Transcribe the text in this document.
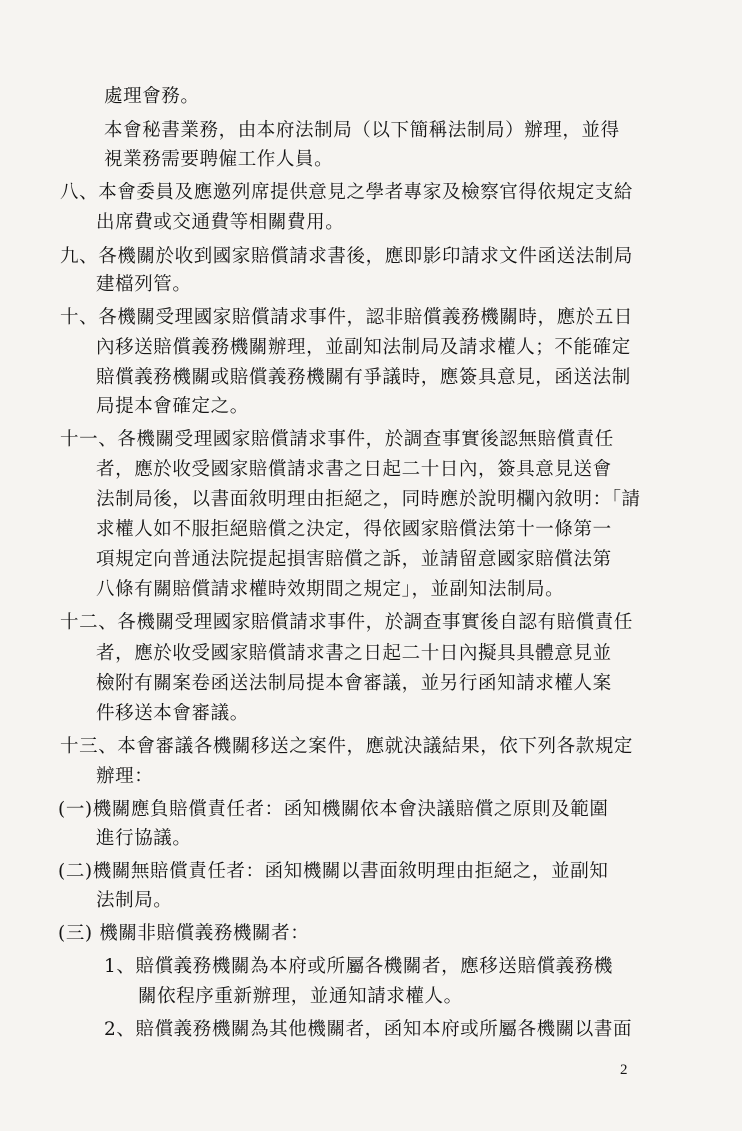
處理會務。

本會秘書業務，由本府法制局（以下簡稱法制局）辦理，並得

視業務需要聘僱工作人員。

八、本會委員及應邀列席提供意見之學者專家及檢察官得依規定支給

出席費或交通費等相關費用。

九、各機關於收到國家賠償請求書後，應即影印請求文件函送法制局

建檔列管。

十、各機關受理國家賠償請求事件，認非賠償義務機關時，應於五日

內移送賠償義務機關辦理，並副知法制局及請求權人；不能確定

賠償義務機關或賠償義務機關有爭議時，應簽具意見，函送法制

局提本會確定之。

十一、各機關受理國家賠償請求事件，於調查事實後認無賠償責任

者，應於收受國家賠償請求書之日起二十日內，簽具意見送會

法制局後，以書面敘明理由拒絕之，同時應於說明欄內敘明：「請

求權人如不服拒絕賠償之決定，得依國家賠償法第十一條第一

項規定向普通法院提起損害賠償之訴，並請留意國家賠償法第

八條有關賠償請求權時效期間之規定」，並副知法制局。

十二、各機關受理國家賠償請求事件，於調查事實後自認有賠償責任

者，應於收受國家賠償請求書之日起二十日內擬具具體意見並

檢附有關案卷函送法制局提本會審議，並另行函知請求權人案

件移送本會審議。

十三、本會審議各機關移送之案件，應就決議結果，依下列各款規定

辦理：

(一)機關應負賠償責任者：函知機關依本會決議賠償之原則及範圍

進行協議。

(二)機關無賠償責任者：函知機關以書面敘明理由拒絕之，並副知

法制局。

(三) 機關非賠償義務機關者：

1、賠償義務機關為本府或所屬各機關者，應移送賠償義務機

關依程序重新辦理，並通知請求權人。

2、賠償義務機關為其他機關者，函知本府或所屬各機關以書面

2
